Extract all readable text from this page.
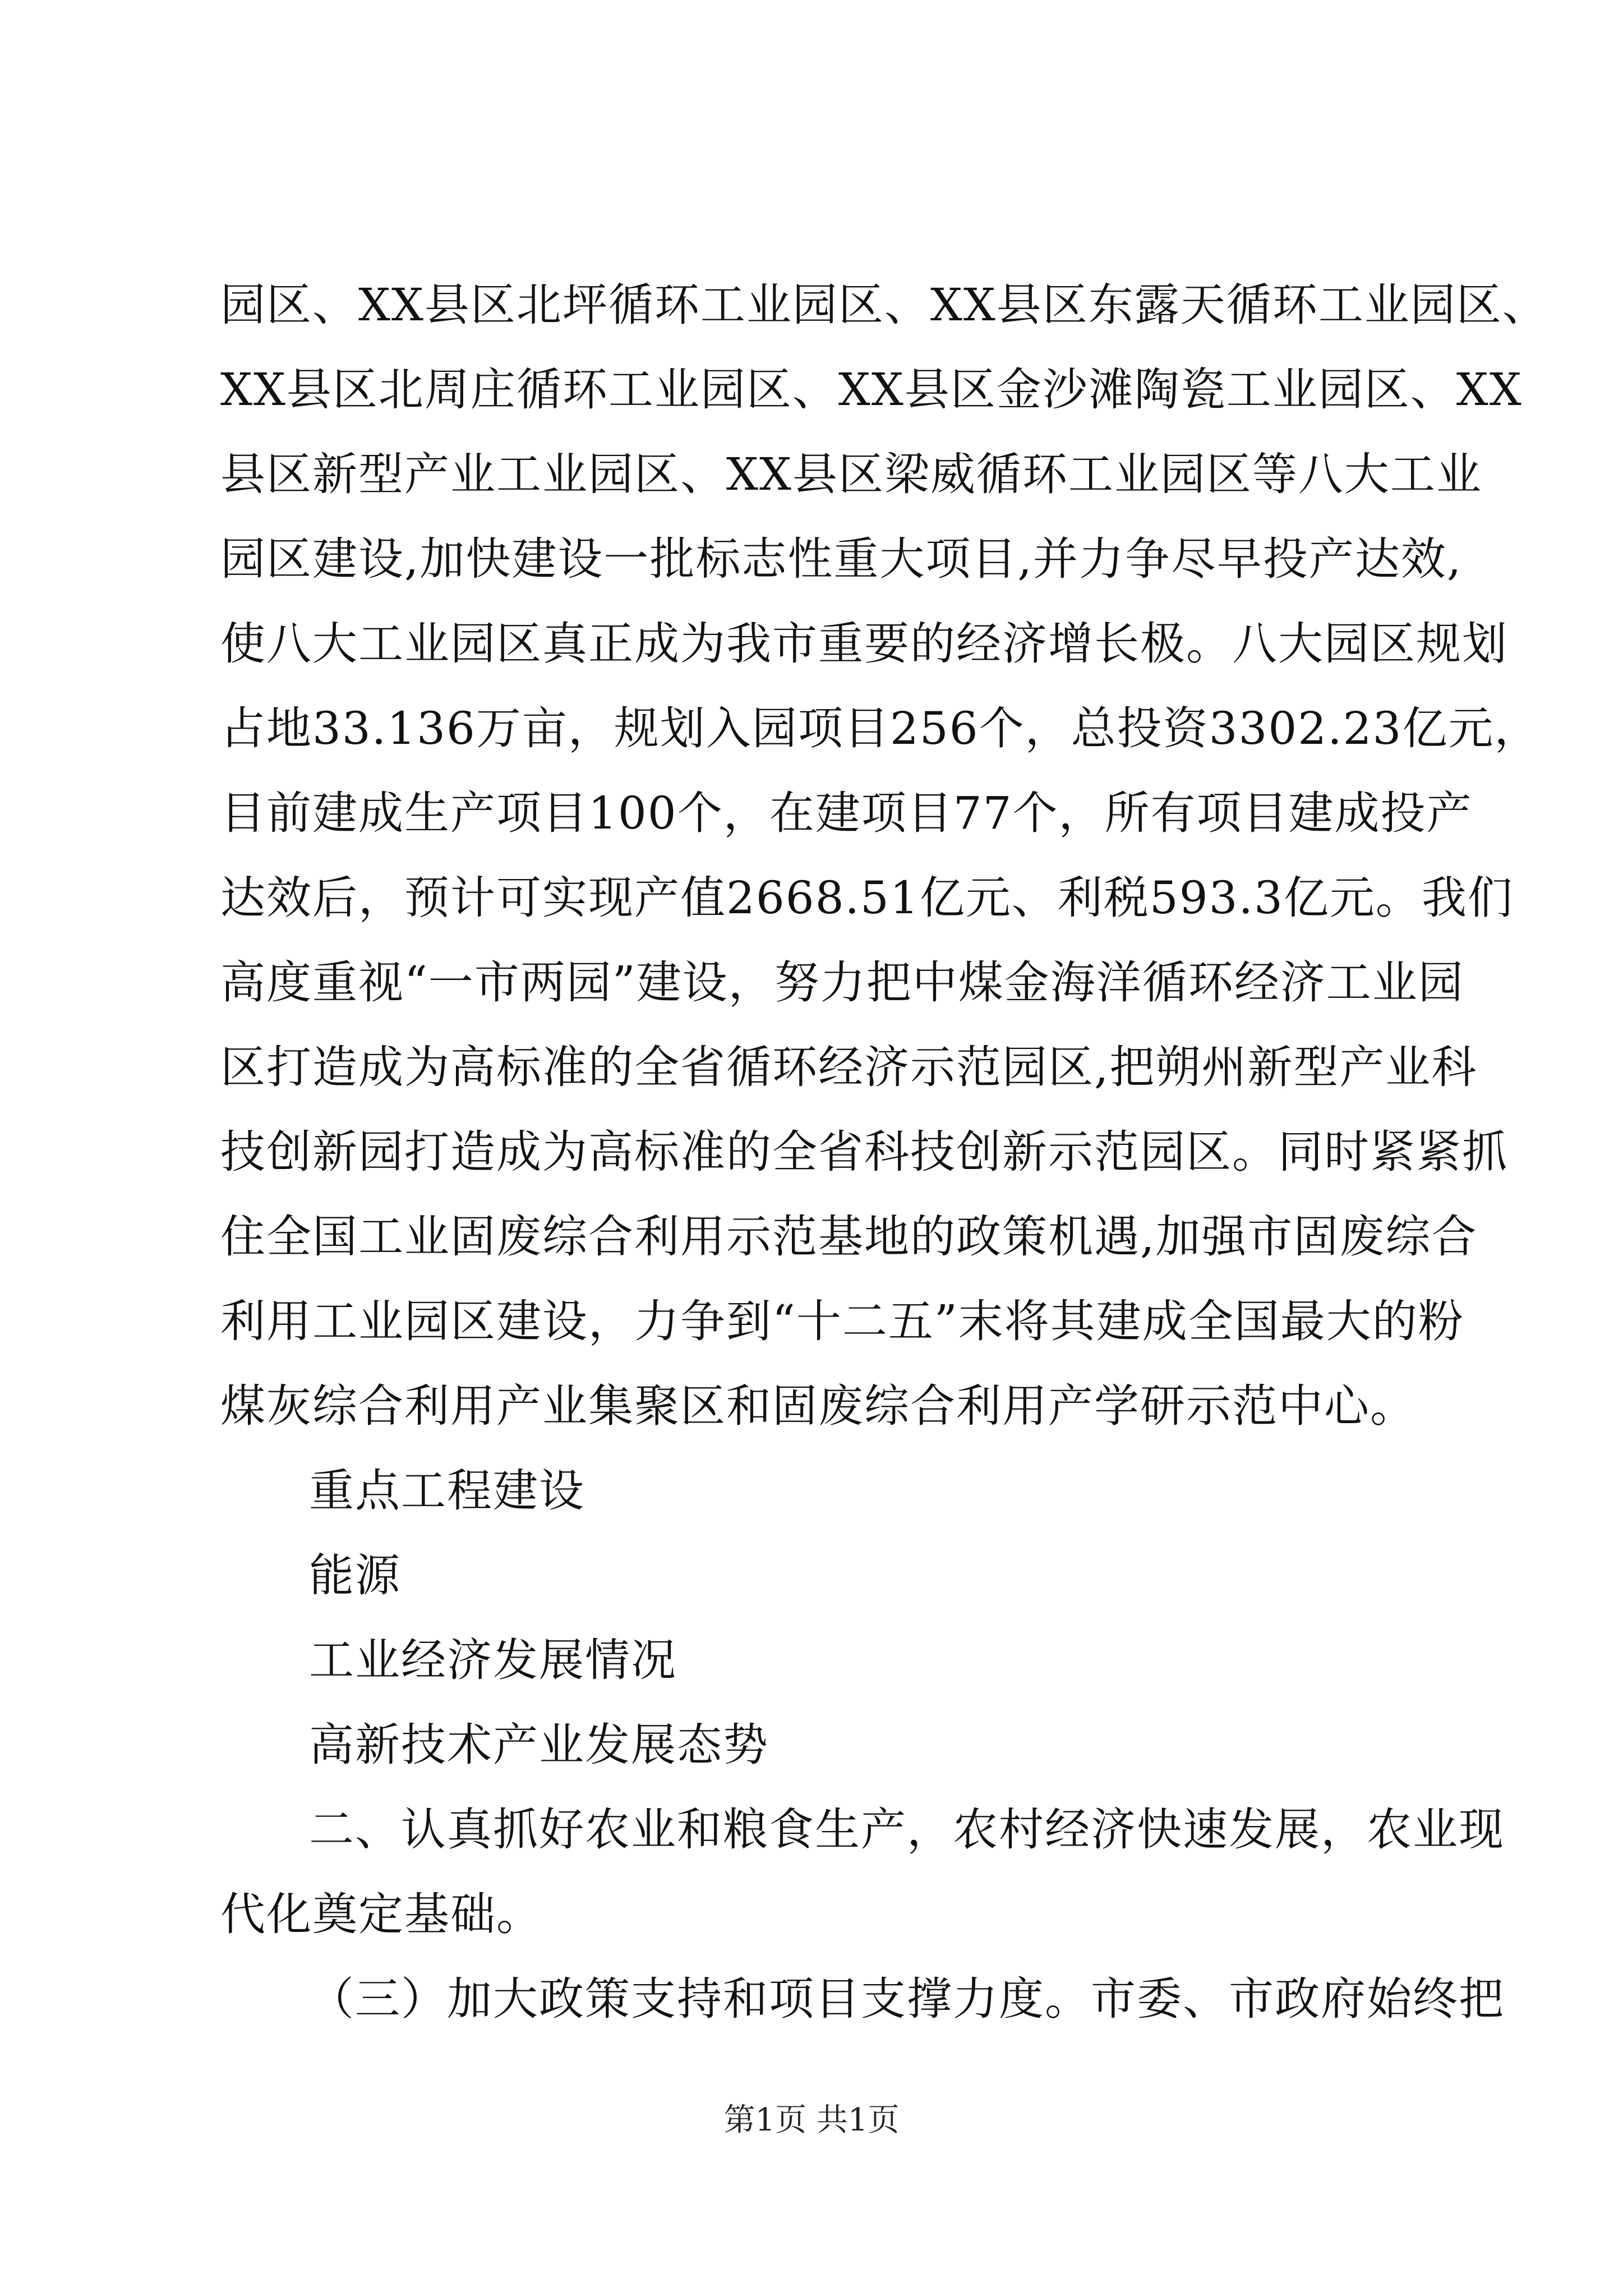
园区、XX县区北坪循环工业园区、XX县区东露天循环工业园区、
XX县区北周庄循环工业园区、XX县区金沙滩陶瓷工业园区、XX
县区新型产业工业园区、XX县区梁威循环工业园区等八大工业
园区建设,加快建设一批标志性重大项目,并力争尽早投产达效,
使八大工业园区真正成为我市重要的经济增长极。八大园区规划
占地33.136万亩，规划入园项目256个，总投资3302.23亿元，
目前建成生产项目100个，在建项目77个，所有项目建成投产
达效后，预计可实现产值2668.51亿元、利税593.3亿元。我们
高度重视“一市两园”建设，努力把中煤金海洋循环经济工业园
区打造成为高标准的全省循环经济示范园区,把朔州新型产业科
技创新园打造成为高标准的全省科技创新示范园区。同时紧紧抓
住全国工业固废综合利用示范基地的政策机遇,加强市固废综合
利用工业园区建设，力争到“十二五”末将其建成全国最大的粉
煤灰综合利用产业集聚区和固废综合利用产学研示范中心。
重点工程建设
能源
工业经济发展情况
高新技术产业发展态势
二、认真抓好农业和粮食生产，农村经济快速发展，农业现
代化奠定基础。
（三）加大政策支持和项目支撑力度。市委、市政府始终把
第1页 共1页
